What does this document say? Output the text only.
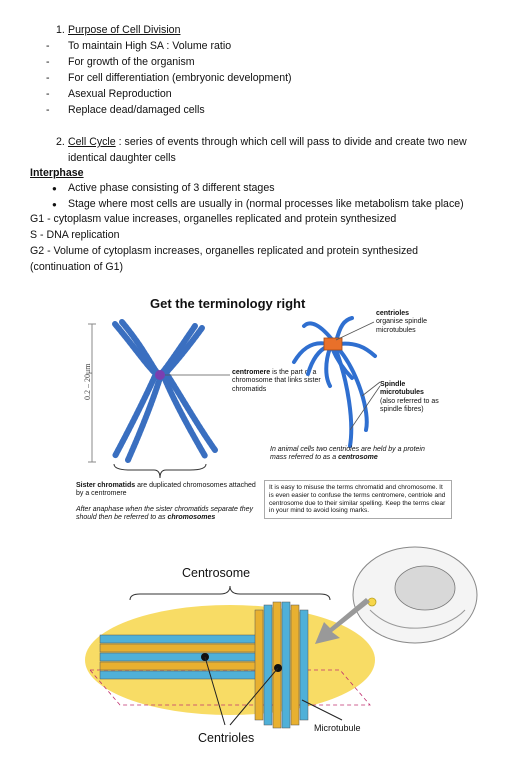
1. Purpose of Cell Division
- To maintain High SA : Volume ratio
- For growth of the organism
- For cell differentiation (embryonic development)
- Asexual Reproduction
- Replace dead/damaged cells
2. Cell Cycle : series of events through which cell will pass to divide and create two new
identical daughter cells
Interphase
● Active phase consisting of 3 different stages
● Stage where most cells are usually in (normal processes like metabolism take place)
G1 - cytoplasm value increases, organelles replicated and protein synthesized
S - DNA replication
G2 - Volume of cytoplasm increases, organelles replicated and protein synthesized
(continuation of G1)
Get the terminology right
0.2 – 20μm	centromere is the part of a chromosome that links sister chromatids
centrioles
organise spindle microtubules
Spindle microtubules
(also referred to as spindle fibres)
In animal cells two centrioles are held by a protein mass referred to as a centrosome
Sister chromatids are duplicated chromosomes attached by a centromere
After anaphase when the sister chromatids separate they should then be referred to as chromosomes
It is easy to misuse the terms chromatid and chromosome. It is even easier to confuse the terms centromere, centriole and centrosome due to their similar spelling. Keep the terms clear in your mind to avoid losing marks.
Centrosome
Centrioles
Microtubule
